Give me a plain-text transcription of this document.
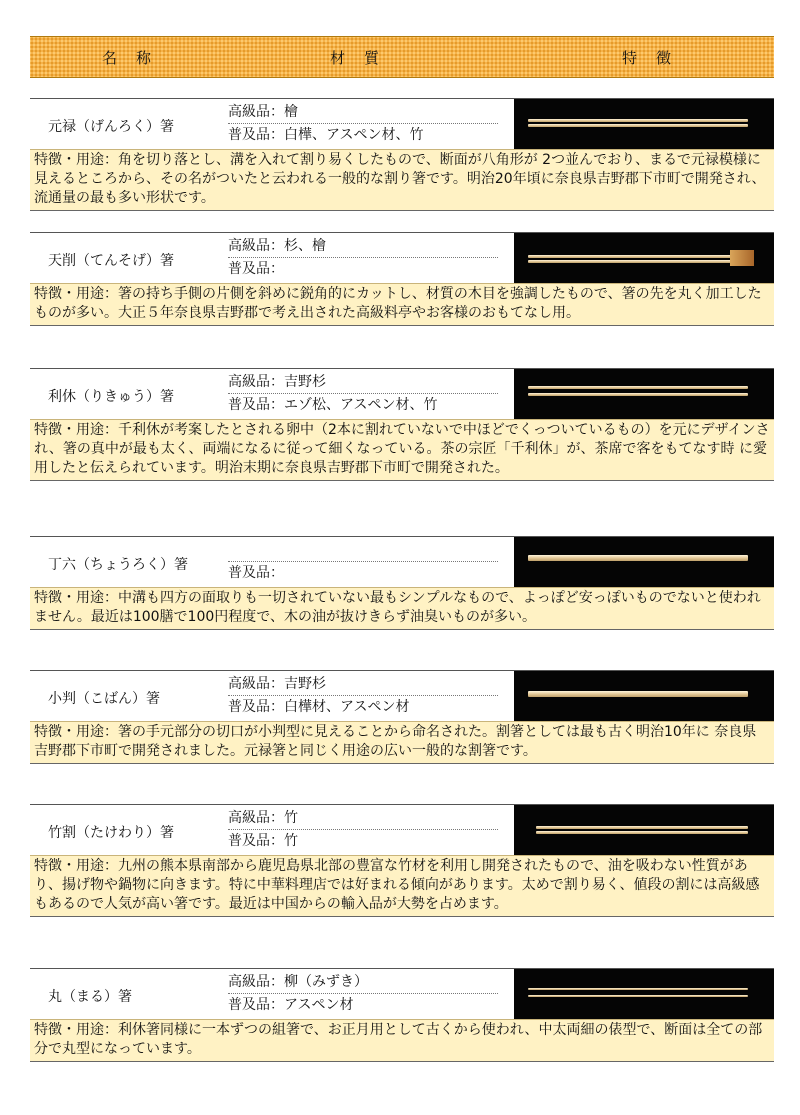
名　称	材　質	特　徴
元禄（げんろく）箸
高級品：檜
普及品：白樺、アスペン材、竹
特徴・用途：角を切り落とし、溝を入れて割り易くしたもので、断面が八角形が 2つ並んでおり、まるで元禄模様に見えるところから、その名がついたと云われる一般的な割り箸です。明治20年頃に奈良県吉野郡下市町で開発され、流通量の最も多い形状です。
天削（てんそげ）箸
高級品：杉、檜
普及品：
特徴・用途：箸の持ち手側の片側を斜めに鋭角的にカットし、材質の木目を強調したもので、箸の先を丸く加工したものが多い。大正５年奈良県吉野郡で考え出された高級料亭やお客様のおもてなし用。
利休（りきゅう）箸
高級品：吉野杉
普及品：エゾ松、アスペン材、竹
特徴・用途：千利休が考案したとされる卵中（2本に割れていないで中ほどでくっついているもの）を元にデザインされ、箸の真中が最も太く、両端になるに従って細くなっている。茶の宗匠「千利休」が、茶席で客をもてなす時 に愛用したと伝えられています。明治末期に奈良県吉野郡下市町で開発された。
丁六（ちょうろく）箸	普及品：
特徴・用途：中溝も四方の面取りも一切されていない最もシンプルなもので、よっぽど安っぽいものでないと使われません。最近は100膳で100円程度で、木の油が抜けきらず油臭いものが多い。
小判（こばん）箸
高級品：吉野杉
普及品：白樺材、アスペン材
特徴・用途：箸の手元部分の切口が小判型に見えることから命名された。割箸としては最も古く明治10年に 奈良県吉野郡下市町で開発されました。元禄箸と同じく用途の広い一般的な割箸です。
竹割（たけわり）箸
高級品：竹
普及品：竹
特徴・用途：九州の熊本県南部から鹿児島県北部の豊富な竹材を利用し開発されたもので、油を吸わない性質があり、揚げ物や鍋物に向きます。特に中華料理店では好まれる傾向があります。太めで割り易く、値段の割には高級感もあるので人気が高い箸です。最近は中国からの輸入品が大勢を占めます。
丸（まる）箸
高級品：柳（みずき）
普及品：アスペン材
特徴・用途：利休箸同様に一本ずつの組箸で、お正月用として古くから使われ、中太両細の俵型で、断面は全ての部分で丸型になっています。
